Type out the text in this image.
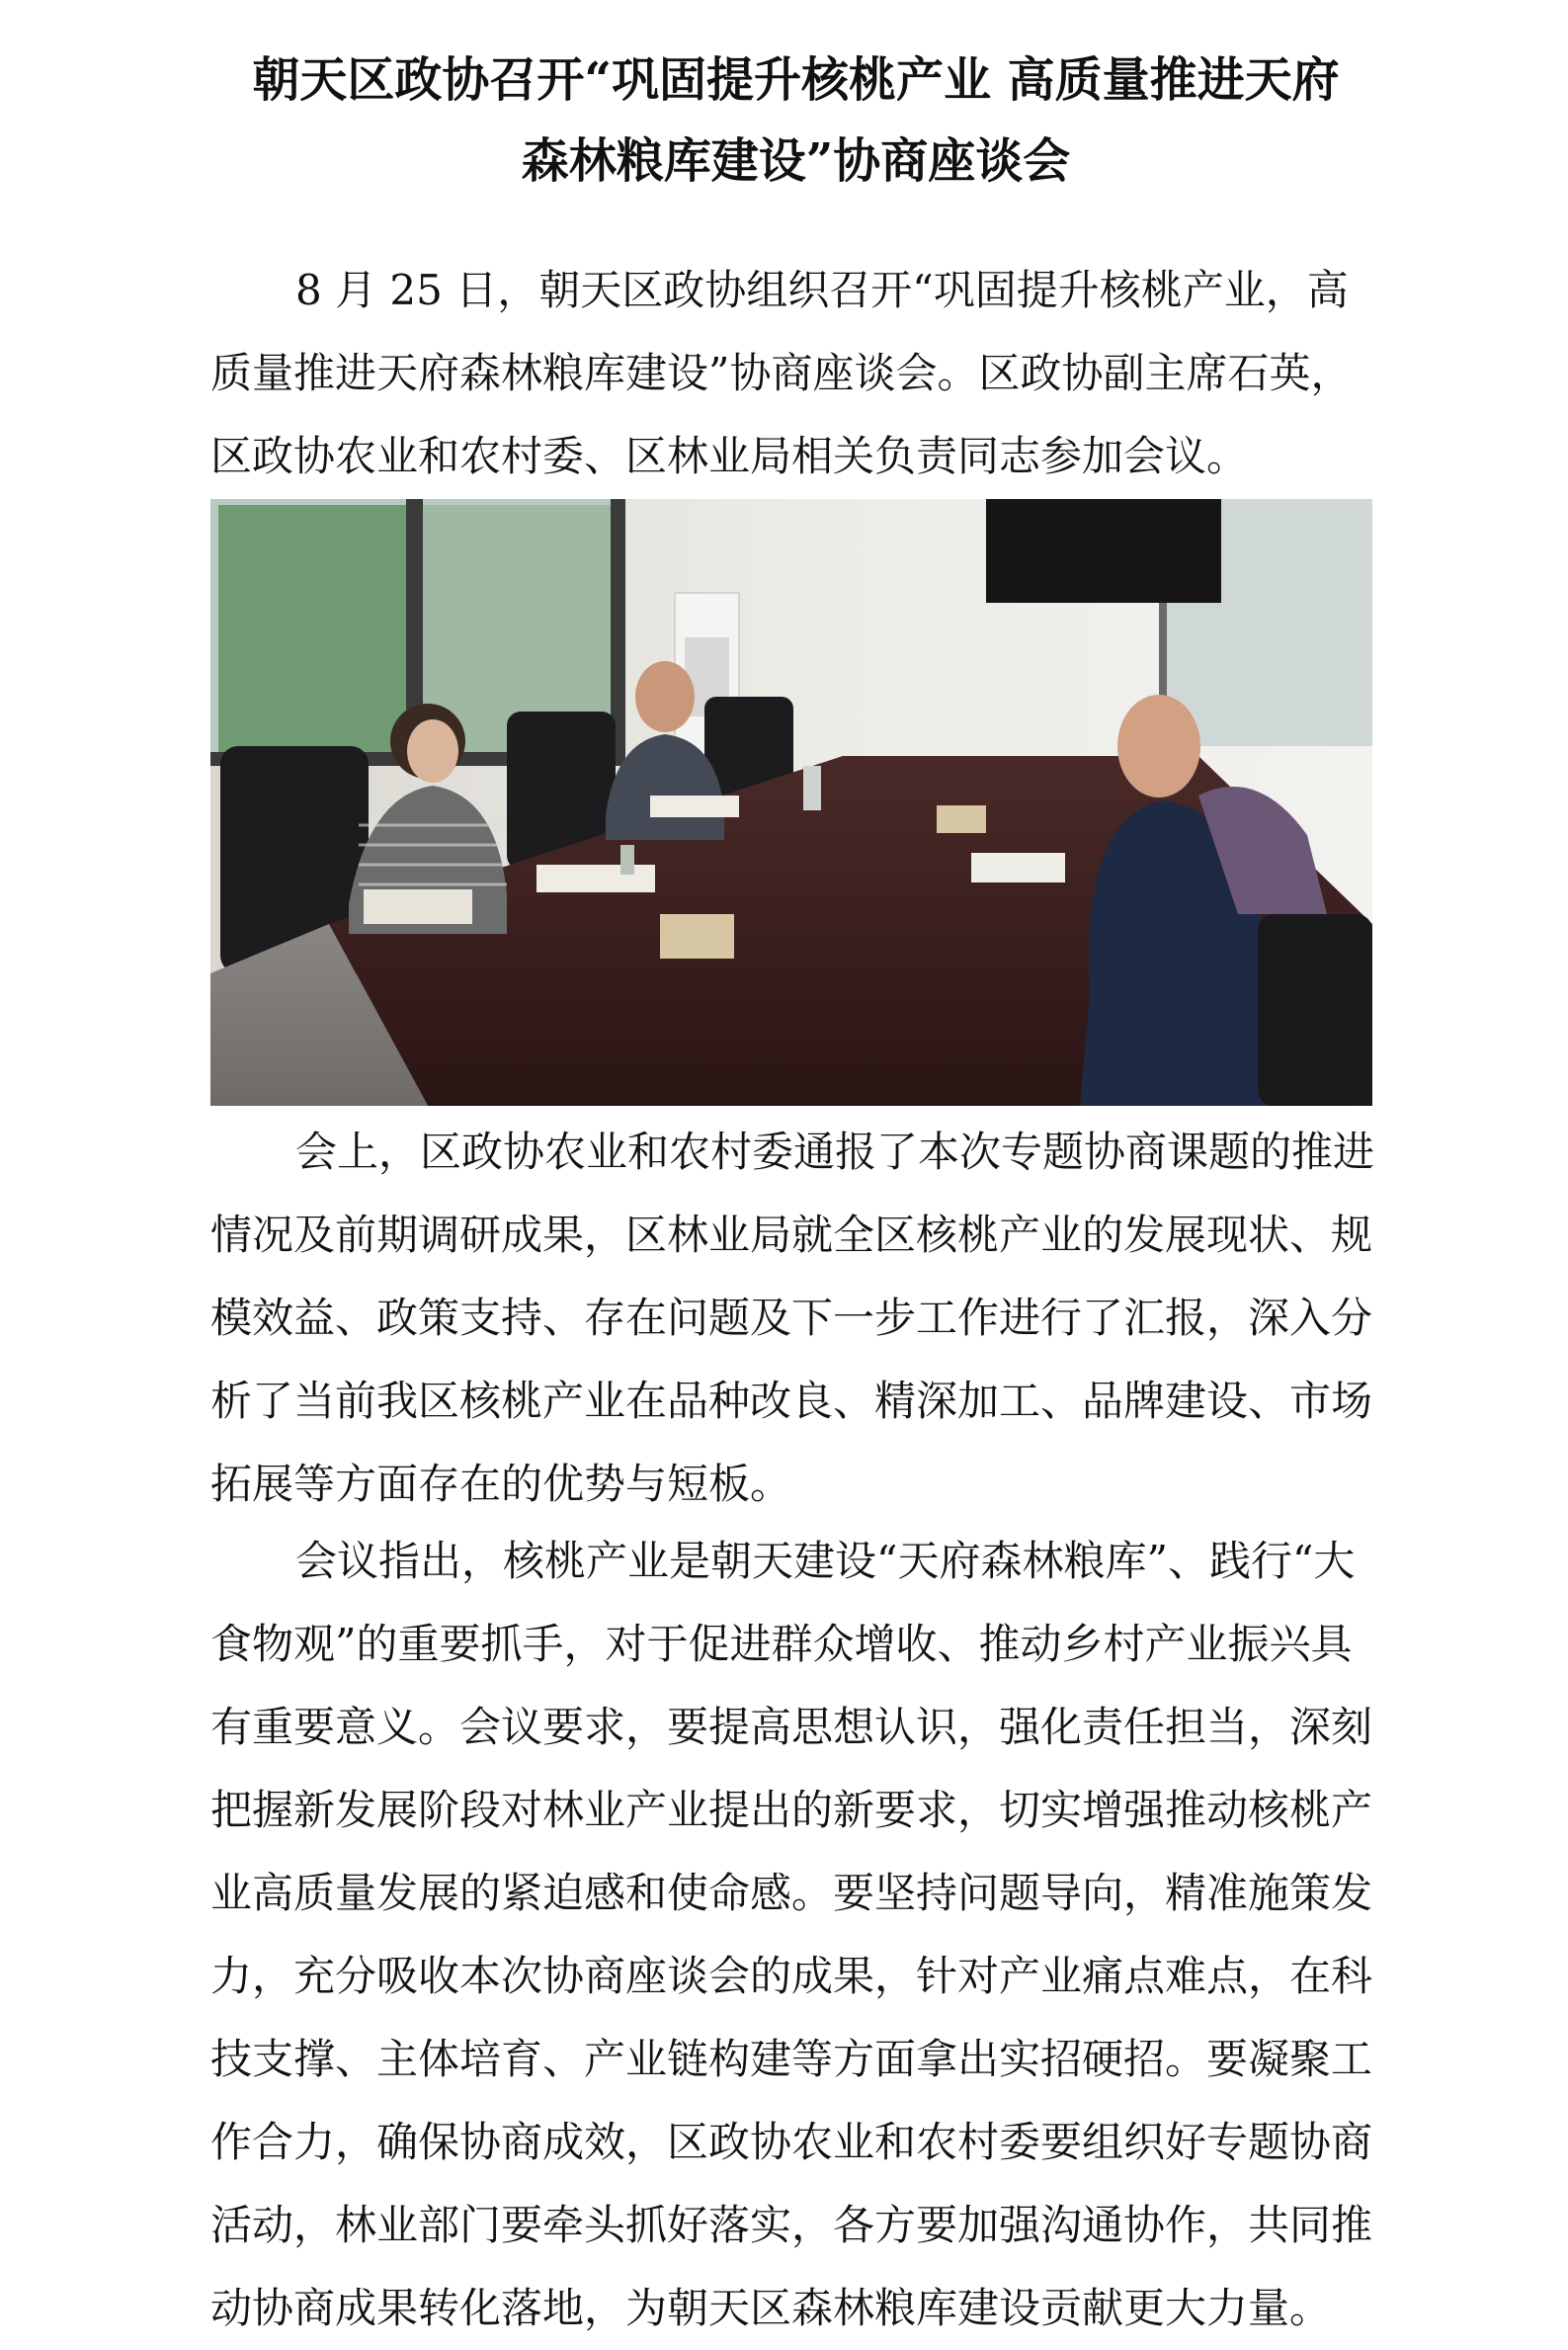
朝天区政协召开“巩固提升核桃产业 高质量推进天府
森林粮库建设”协商座谈会

8 月 25 日，朝天区政协组织召开“巩固提升核桃产业，高
质量推进天府森林粮库建设”协商座谈会。区政协副主席石英，
区政协农业和农村委、区林业局相关负责同志参加会议。

会上，区政协农业和农村委通报了本次专题协商课题的推进
情况及前期调研成果，区林业局就全区核桃产业的发展现状、规
模效益、政策支持、存在问题及下一步工作进行了汇报，深入分
析了当前我区核桃产业在品种改良、精深加工、品牌建设、市场
拓展等方面存在的优势与短板。

会议指出，核桃产业是朝天建设“天府森林粮库”、践行“大
食物观”的重要抓手，对于促进群众增收、推动乡村产业振兴具
有重要意义。会议要求，要提高思想认识，强化责任担当，深刻
把握新发展阶段对林业产业提出的新要求，切实增强推动核桃产
业高质量发展的紧迫感和使命感。要坚持问题导向，精准施策发
力，充分吸收本次协商座谈会的成果，针对产业痛点难点，在科
技支撑、主体培育、产业链构建等方面拿出实招硬招。要凝聚工
作合力，确保协商成效，区政协农业和农村委要组织好专题协商
活动，林业部门要牵头抓好落实，各方要加强沟通协作，共同推
动协商成果转化落地，为朝天区森林粮库建设贡献更大力量。
